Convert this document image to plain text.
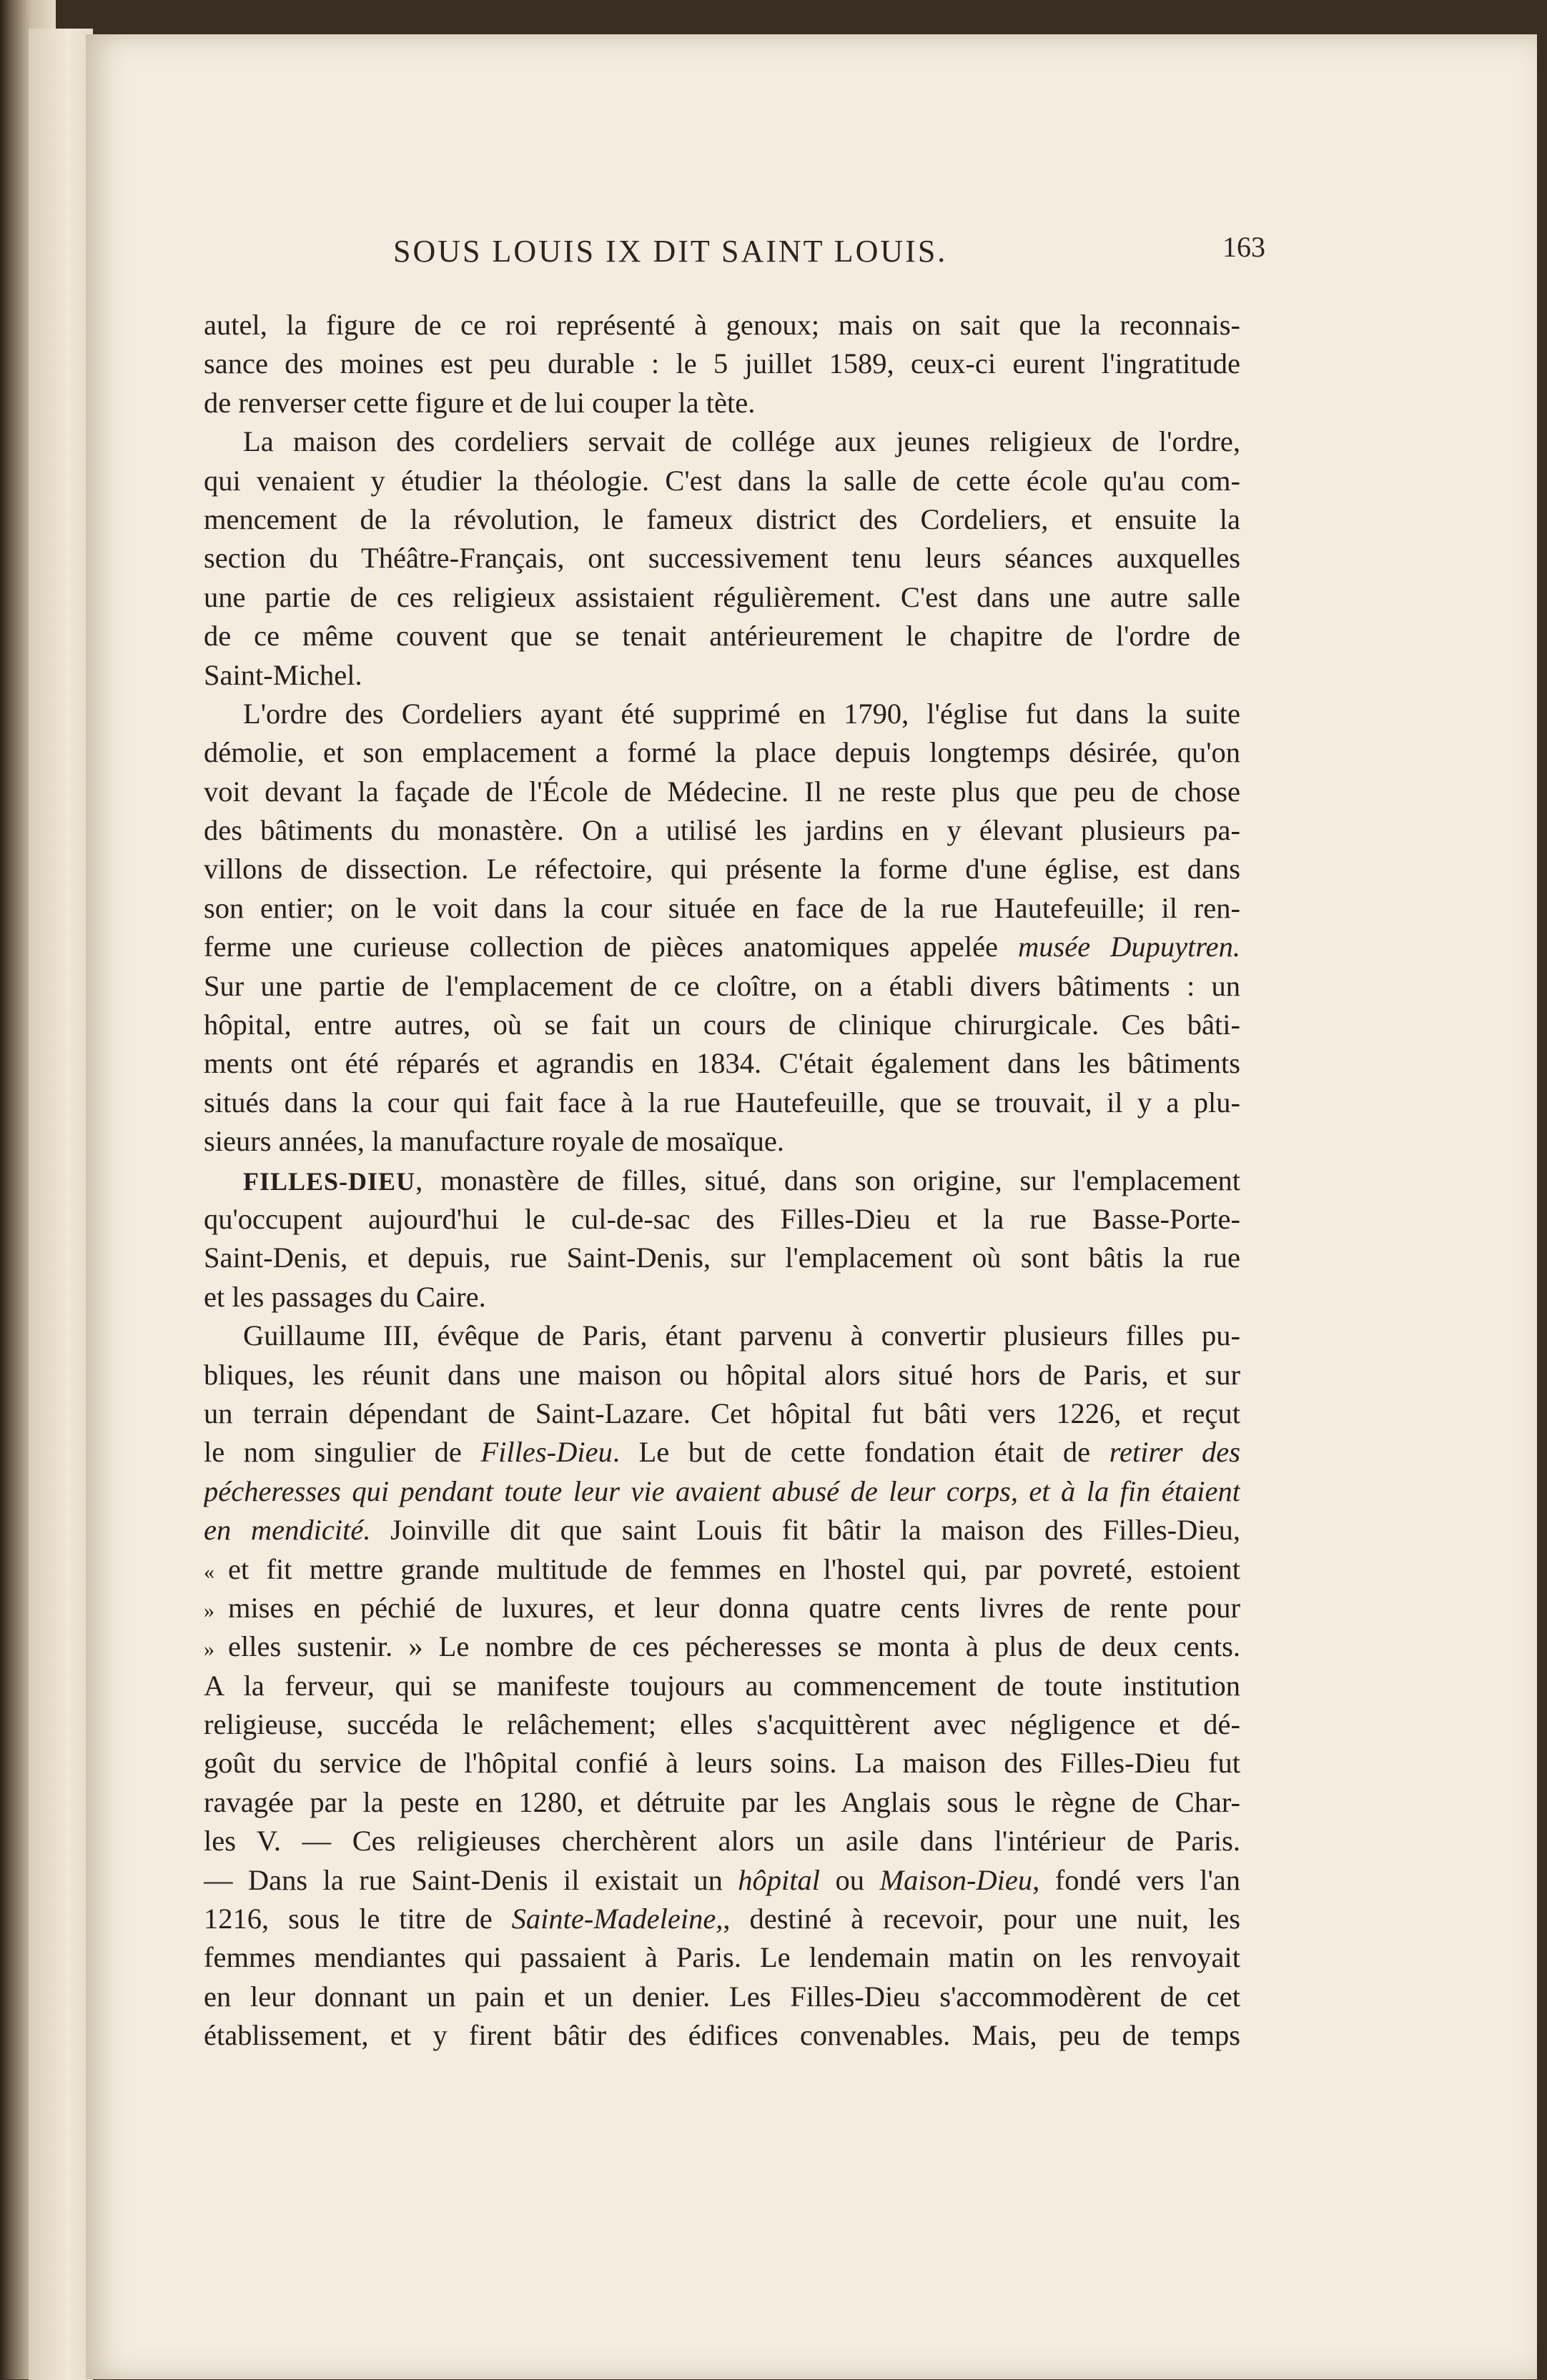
SOUS LOUIS IX DIT SAINT LOUIS.	163
autel, la figure de ce roi représenté à genoux; mais on sait que la reconnais-
sance des moines est peu durable : le 5 juillet 1589, ceux-ci eurent l'ingratitude
de renverser cette figure et de lui couper la tète.
La maison des cordeliers servait de collége aux jeunes religieux de l'ordre,
qui venaient y étudier la théologie. C'est dans la salle de cette école qu'au com-
mencement de la révolution, le fameux district des Cordeliers, et ensuite la
section du Théâtre-Français, ont successivement tenu leurs séances auxquelles
une partie de ces religieux assistaient régulièrement. C'est dans une autre salle
de ce même couvent que se tenait antérieurement le chapitre de l'ordre de
Saint-Michel.
L'ordre des Cordeliers ayant été supprimé en 1790, l'église fut dans la suite
démolie, et son emplacement a formé la place depuis longtemps désirée, qu'on
voit devant la façade de l'École de Médecine. Il ne reste plus que peu de chose
des bâtiments du monastère. On a utilisé les jardins en y élevant plusieurs pa-
villons de dissection. Le réfectoire, qui présente la forme d'une église, est dans
son entier; on le voit dans la cour située en face de la rue Hautefeuille; il ren-
ferme une curieuse collection de pièces anatomiques appelée musée Dupuytren.
Sur une partie de l'emplacement de ce cloître, on a établi divers bâtiments : un
hôpital, entre autres, où se fait un cours de clinique chirurgicale. Ces bâti-
ments ont été réparés et agrandis en 1834. C'était également dans les bâtiments
situés dans la cour qui fait face à la rue Hautefeuille, que se trouvait, il y a plu-
sieurs années, la manufacture royale de mosaïque.
FILLES-DIEU, monastère de filles, situé, dans son origine, sur l'emplacement
qu'occupent aujourd'hui le cul-de-sac des Filles-Dieu et la rue Basse-Porte-
Saint-Denis, et depuis, rue Saint-Denis, sur l'emplacement où sont bâtis la rue
et les passages du Caire.
Guillaume III, évêque de Paris, étant parvenu à convertir plusieurs filles pu-
bliques, les réunit dans une maison ou hôpital alors situé hors de Paris, et sur
un terrain dépendant de Saint-Lazare. Cet hôpital fut bâti vers 1226, et reçut
le nom singulier de Filles-Dieu. Le but de cette fondation était de retirer des
pécheresses qui pendant toute leur vie avaient abusé de leur corps, et à la fin étaient
en mendicité. Joinville dit que saint Louis fit bâtir la maison des Filles-Dieu,
« et fit mettre grande multitude de femmes en l'hostel qui, par povreté, estoient
» mises en péchié de luxures, et leur donna quatre cents livres de rente pour
» elles sustenir. » Le nombre de ces pécheresses se monta à plus de deux cents.
A la ferveur, qui se manifeste toujours au commencement de toute institution
religieuse, succéda le relâchement; elles s'acquittèrent avec négligence et dé-
goût du service de l'hôpital confié à leurs soins. La maison des Filles-Dieu fut
ravagée par la peste en 1280, et détruite par les Anglais sous le règne de Char-
les V. — Ces religieuses cherchèrent alors un asile dans l'intérieur de Paris.
— Dans la rue Saint-Denis il existait un hôpital ou Maison-Dieu, fondé vers l'an
1216, sous le titre de Sainte-Madeleine,, destiné à recevoir, pour une nuit, les
femmes mendiantes qui passaient à Paris. Le lendemain matin on les renvoyait
en leur donnant un pain et un denier. Les Filles-Dieu s'accommodèrent de cet
établissement, et y firent bâtir des édifices convenables. Mais, peu de temps
